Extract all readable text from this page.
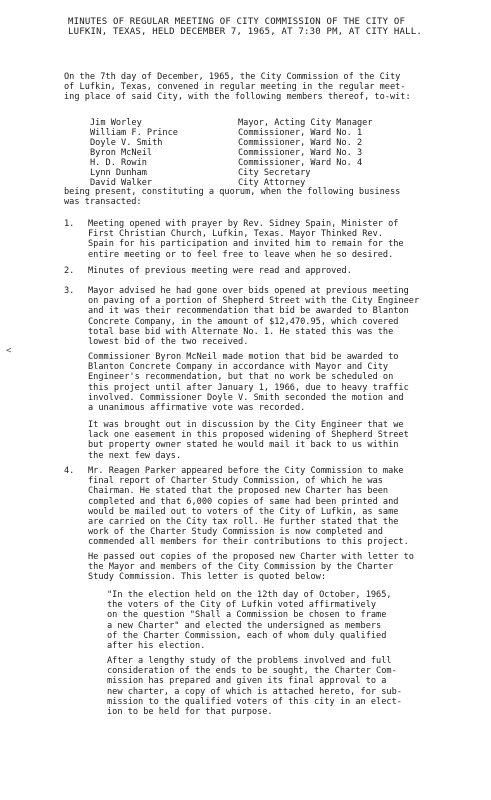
MINUTES OF REGULAR MEETING OF CITY COMMISSION OF THE CITY OF
LUFKIN, TEXAS, HELD DECEMBER 7, 1965, AT 7:30 PM, AT CITY HALL.
On the 7th day of December, 1965, the City Commission of the City
of Lufkin, Texas, convened in regular meeting in the regular meet-
ing place of said City, with the following members thereof, to-wit:
Jim Worley	Mayor, Acting City Manager
William F. Prince	Commissioner, Ward No. 1
Doyle V. Smith	Commissioner, Ward No. 2
Byron McNeil	Commissioner, Ward No. 3
H. D. Rowin	Commissioner, Ward No. 4
Lynn Dunham	City Secretary
David Walker	City Attorney
being present, constituting a quorum, when the following business
was transacted:
1. Meeting opened with prayer by Rev. Sidney Spain, Minister of
First Christian Church, Lufkin, Texas. Mayor Thinked Rev.
Spain for his participation and invited him to remain for the
entire meeting or to feel free to leave when he so desired.
2. Minutes of previous meeting were read and approved.
3. Mayor advised he had gone over bids opened at previous meeting
on paving of a portion of Shepherd Street with the City Engineer
and it was their recommendation that bid be awarded to Blanton
Concrete Company, in the amount of $12,470.95, which covered
total base bid with Alternate No. 1. He stated this was the
lowest bid of the two received.
Commissioner Byron McNeil made motion that bid be awarded to
Blanton Concrete Company in accordance with Mayor and City
Engineer's recommendation, but that no work be scheduled on
this project until after January 1, 1966, due to heavy traffic
involved. Commissioner Doyle V. Smith seconded the motion and
a unanimous affirmative vote was recorded.
It was brought out in discussion by the City Engineer that we
lack one easement in this proposed widening of Shepherd Street
but property owner stated he would mail it back to us within
the next few days.
4. Mr. Reagen Parker appeared before the City Commission to make
final report of Charter Study Commission, of which he was
Chairman. He stated that the proposed new Charter has been
completed and that 6,000 copies of same had been printed and
would be mailed out to voters of the City of Lufkin, as same
are carried on the City tax roll. He further stated that the
work of the Charter Study Commission is now completed and
commended all members for their contributions to this project.
He passed out copies of the proposed new Charter with letter to
the Mayor and members of the City Commission by the Charter
Study Commission. This letter is quoted below:
"In the election held on the 12th day of October, 1965,
the voters of the City of Lufkin voted affirmatively
on the question "Shall a Commission be chosen to frame
a new Charter" and elected the undersigned as members
of the Charter Commission, each of whom duly qualified
after his election.
After a lengthy study of the problems involved and full
consideration of the ends to be sought, the Charter Com-
mission has prepared and given its final approval to a
new charter, a copy of which is attached hereto, for sub-
mission to the qualified voters of this city in an elect-
ion to be held for that purpose.
<
